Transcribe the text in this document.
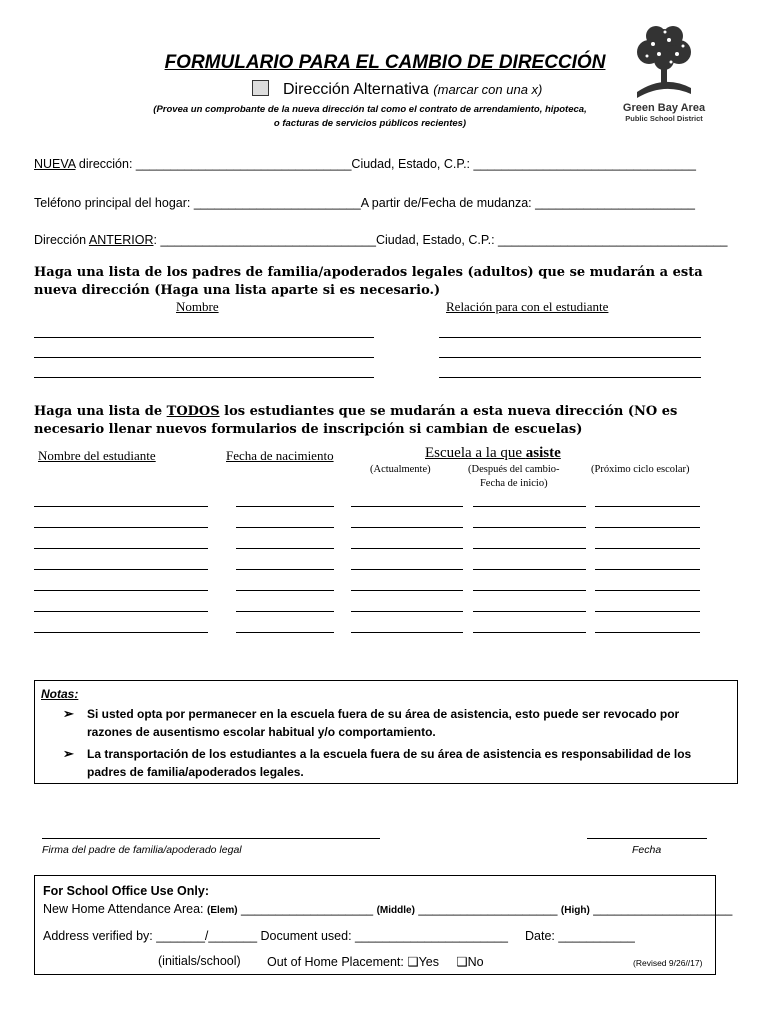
FORMULARIO PARA EL CAMBIO DE DIRECCIÓN
Dirección Alternativa (marcar con una x)
(Provea un comprobante de la nueva dirección tal como el contrato de arrendamiento, hipoteca,
o facturas de servicios públicos recientes)
Green Bay Area
Public School District
NUEVA dirección: _______________________________Ciudad, Estado, C.P.: ________________________________
Teléfono principal del hogar: ________________________A partir de/Fecha de mudanza: _______________________
Dirección ANTERIOR: _______________________________Ciudad, Estado, C.P.: _________________________________
Haga una lista de los padres de familia/apoderados legales (adultos) que se mudarán a esta nueva dirección (Haga una lista aparte si es necesario.)
Nombre	Relación para con el estudiante
Haga una lista de TODOS los estudiantes que se mudarán a esta nueva dirección (NO es necesario llenar nuevos formularios de inscripción si cambian de escuelas)
Nombre del estudiante	Fecha de nacimiento	Escuela a la que asiste
(Actualmente)	(Después del cambio-
Fecha de inicio)
(Próximo ciclo escolar)
Notas:
➢ Si usted opta por permanecer en la escuela fuera de su área de asistencia, esto puede ser revocado por razones de ausentismo escolar habitual y/o comportamiento.
➢ La transportación de los estudiantes a la escuela fuera de su área de asistencia es responsabilidad de los padres de familia/apoderados legales.
Firma del padre de familia/apoderado legal	Fecha
For School Office Use Only:
New Home Attendance Area: (Elem) ___________________ (Middle) ____________________ (High) ____________________
Address verified by: _______/_______ Document used: ______________________ Date: ___________
(initials/school) Out of Home Placement: ❑Yes ❑No	(Revised 9/26//17)
